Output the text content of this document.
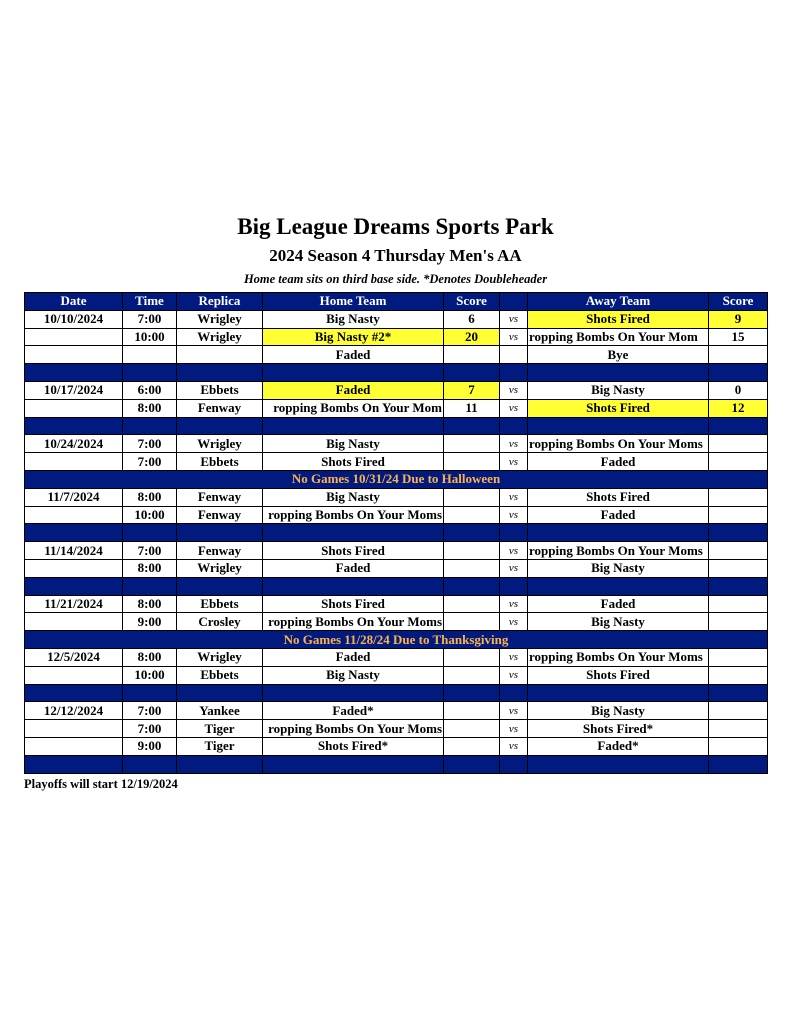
Big League Dreams Sports Park
2024 Season 4 Thursday Men's AA
Home team sits on third base side. *Denotes Doubleheader
Date	Time	Replica	Home Team	Score		Away Team	Score
10/10/2024	7:00	Wrigley	Big Nasty	6	vs	Shots Fired	9
	10:00	Wrigley	Big Nasty #2*	20	vs	ropping Bombs On Your Mom	15
			Faded			Bye	

10/17/2024	6:00	Ebbets	Faded	7	vs	Big Nasty	0
	8:00	Fenway	ropping Bombs On Your Mom	11	vs	Shots Fired	12

10/24/2024	7:00	Wrigley	Big Nasty		vs	ropping Bombs On Your Moms	
	7:00	Ebbets	Shots Fired		vs	Faded	
No Games 10/31/24 Due to Halloween							
11/7/2024	8:00	Fenway	Big Nasty		vs	Shots Fired	
	10:00	Fenway	ropping Bombs On Your Moms		vs	Faded	

11/14/2024	7:00	Fenway	Shots Fired		vs	ropping Bombs On Your Moms	
	8:00	Wrigley	Faded		vs	Big Nasty	

11/21/2024	8:00	Ebbets	Shots Fired		vs	Faded	
	9:00	Crosley	ropping Bombs On Your Moms		vs	Big Nasty	
No Games 11/28/24 Due to Thanksgiving							
12/5/2024	8:00	Wrigley	Faded		vs	ropping Bombs On Your Moms	
	10:00	Ebbets	Big Nasty		vs	Shots Fired	

12/12/2024	7:00	Yankee	Faded*		vs	Big Nasty	
	7:00	Tiger	ropping Bombs On Your Moms		vs	Shots Fired*	
	9:00	Tiger	Shots Fired*		vs	Faded*	

Playoffs will start 12/19/2024
